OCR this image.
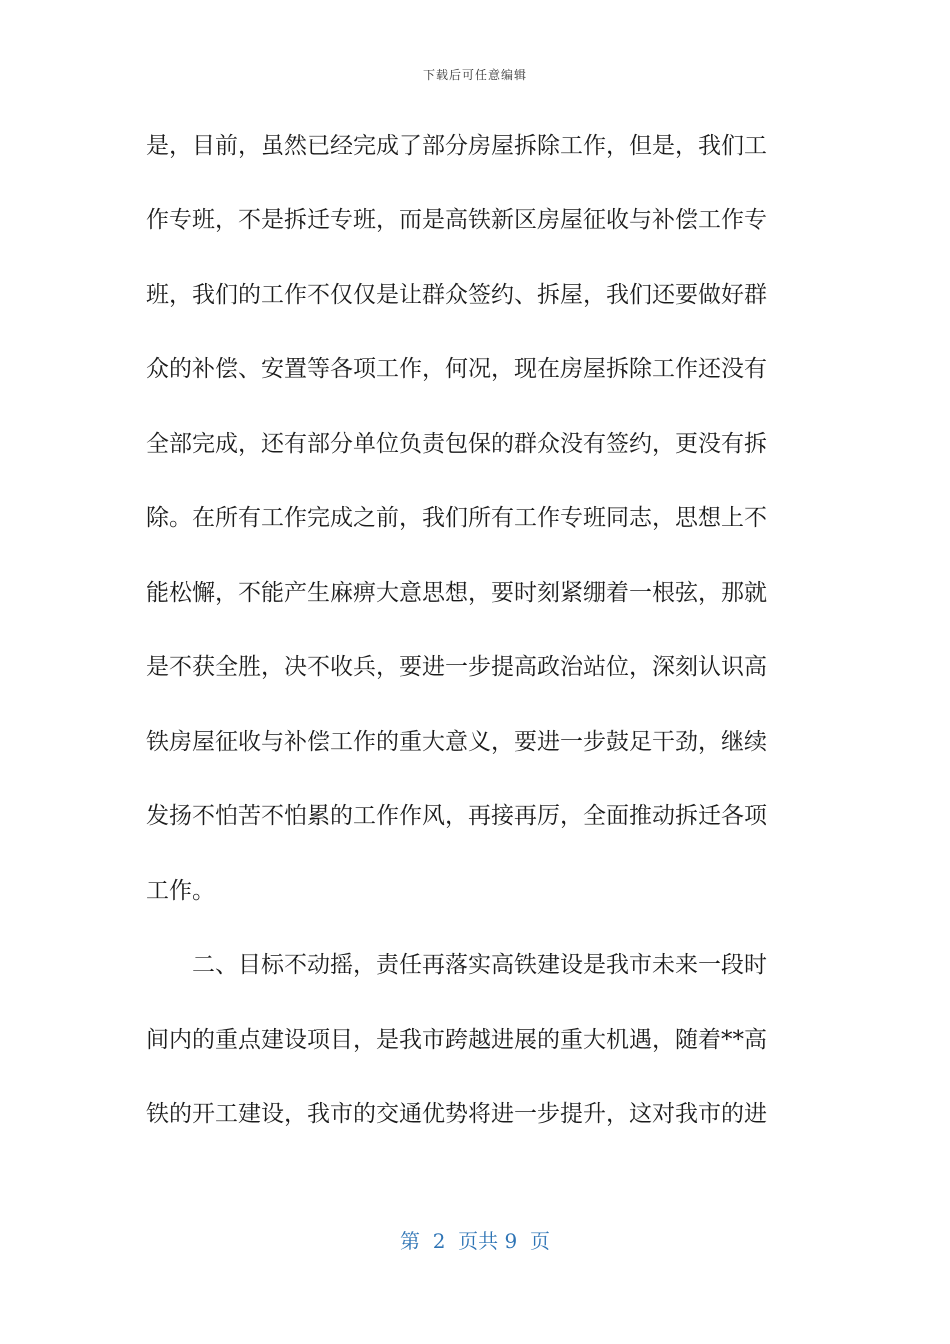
下载后可任意编辑
是，目前，虽然已经完成了部分房屋拆除工作，但是，我们工
作专班，不是拆迁专班，而是高铁新区房屋征收与补偿工作专
班，我们的工作不仅仅是让群众签约、拆屋，我们还要做好群
众的补偿、安置等各项工作，何况，现在房屋拆除工作还没有
全部完成，还有部分单位负责包保的群众没有签约，更没有拆
除。在所有工作完成之前，我们所有工作专班同志，思想上不
能松懈，不能产生麻痹大意思想，要时刻紧绷着一根弦，那就
是不获全胜，决不收兵，要进一步提高政治站位，深刻认识高
铁房屋征收与补偿工作的重大意义，要进一步鼓足干劲，继续
发扬不怕苦不怕累的工作作风，再接再厉，全面推动拆迁各项
工作。
　　二、目标不动摇，责任再落实高铁建设是我市未来一段时
间内的重点建设项目，是我市跨越进展的重大机遇，随着**高
铁的开工建设，我市的交通优势将进一步提升，这对我市的进
第  2  页共 9  页
